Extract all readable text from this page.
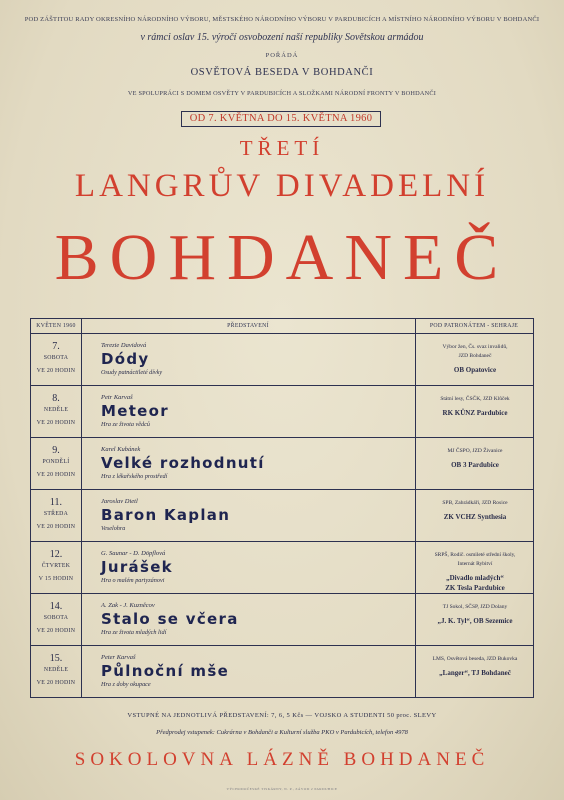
POD ZÁŠTITOU RADY OKRESNÍHO NÁRODNÍHO VÝBORU, MĚSTSKÉHO NÁRODNÍHO VÝBORU V PARDUBICÍCH A MÍSTNÍHO NÁRODNÍHO VÝBORU V BOHDANČI
v rámci oslav 15. výročí osvobození naší republiky Sovětskou armádou
POŘÁDÁ
OSVĚTOVÁ BESEDA V BOHDANČI
VE SPOLUPRÁCI S DOMEM OSVĚTY V PARDUBICÍCH A SLOŽKAMI NÁRODNÍ FRONTY V BOHDANČI
OD 7. KVĚTNA DO 15. KVĚTNA 1960
TŘETÍ
LANGRŮV DIVADELNÍ
BOHDANEČ
KVĚTEN 1960	PŘEDSTAVENÍ	POD PATRONÁTEM - SEHRAJE
7.
SOBOTA
VE 20 HODIN
Terezie Davidová
Dódy
Osudy patnáctileté dívky
Výbor žen, Čs. svaz invalidů,
JZD Bohdaneč
OB Opatovice
8.
NEDĚLE
VE 20 HODIN
Petr Karvaš
Meteor
Hra ze života vědců
Státní lesy, ČSČK, JZD Klůček
RK KŮNZ Pardubice
9.
PONDĚLÍ
VE 20 HODIN
Karel Kubánek
Velké rozhodnutí
Hra z lékařského prostředí
MJ ČSPO, JZD Živanice
OB 3 Pardubice
11.
STŘEDA
VE 20 HODIN
Jaroslav Dietl
Baron Kaplan
Veselohra
SPB, Zahrádkáři, JZD Rosice
ZK VCHZ Synthesia
12.
ČTVRTEK
V 15 HODIN
G. Saunar - D. Döpflová
Jurášek
Hra o malém partyzánovi
SRPŠ, Rodič. osmileté střední školy,
Internát Rybitví
„Divadlo mladých“
ZK Tesla Pardubice
14.
SOBOTA
VE 20 HODIN
A. Zak - J. Kuzněcov
Stalo se včera
Hra ze života mladých lidí
TJ Sokol, SČSP, JZD Dolany
„J. K. Tyl“, OB Sezemice
15.
NEDĚLE
VE 20 HODIN
Peter Karvaš
Půlnoční mše
Hra z doby okupace
LMS, Osvětová beseda, JZD Bukovka
„Langer“, TJ Bohdaneč
VSTUPNÉ NA JEDNOTLIVÁ PŘEDSTAVENÍ: 7, 6, 5 Kčs — VOJSKO A STUDENTI 50 proc. SLEVY
Předprodej vstupenek: Cukrárna v Bohdanči a Kulturní služba PKO v Pardubicích, telefon 4978
SOKOLOVNA LÁZNĚ BOHDANEČ
VÝCHODOČESKÉ TISKÁRNY, N. P., ZÁVOD 2 PARDUBICE
